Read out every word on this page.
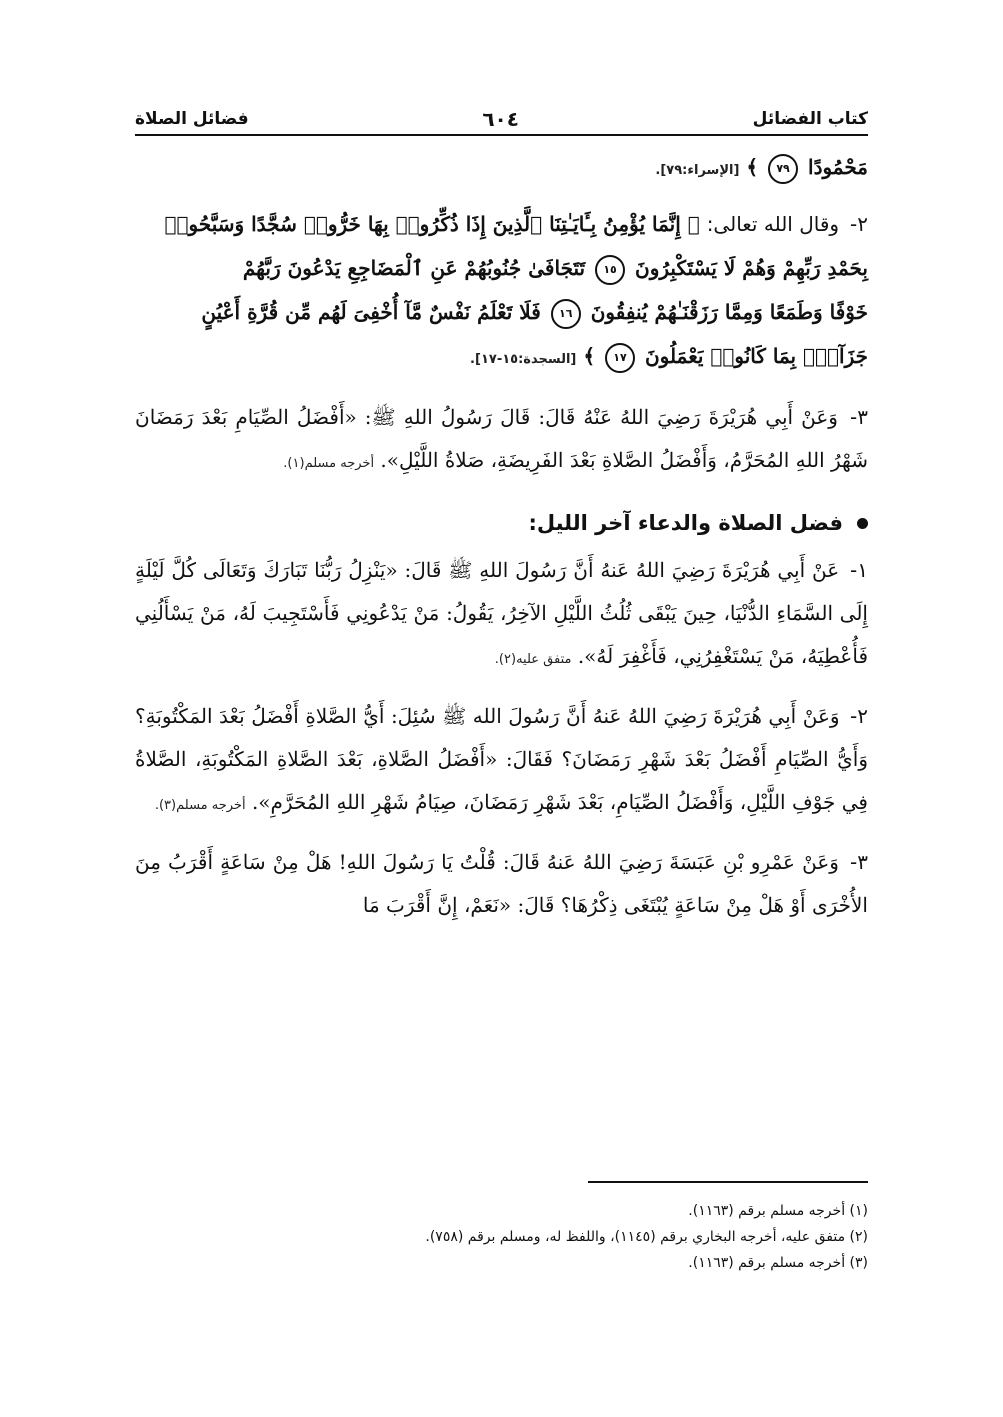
كتاب الفضائل
٦٠٤
فضائل الصلاة

مَحْمُودًا ٧٩ ﴾ [الإسراء:٧٩].

٢- وقال الله تعالى: ﴿ إِنَّمَا يُؤْمِنُ بِـَٔايَـٰتِنَا ٱلَّذِينَ إِذَا ذُكِّرُوا۟ بِهَا خَرُّوا۟ سُجَّدًا وَسَبَّحُوا۟

بِحَمْدِ رَبِّهِمْ وَهُمْ لَا يَسْتَكْبِرُونَ ١٥ تَتَجَافَىٰ جُنُوبُهُمْ عَنِ ٱلْمَضَاجِعِ يَدْعُونَ رَبَّهُمْ

خَوْفًا وَطَمَعًا وَمِمَّا رَزَقْنَـٰهُمْ يُنفِقُونَ ١٦ فَلَا تَعْلَمُ نَفْسٌ مَّآ أُخْفِىَ لَهُم مِّن قُرَّةِ أَعْيُنٍ

جَزَآءًۢ بِمَا كَانُوا۟ يَعْمَلُونَ ١٧ ﴾ [السجدة:١٥-١٧].

٣- وَعَنْ أَبِي هُرَيْرَةَ رَضِيَ اللهُ عَنْهُ قَالَ: قَالَ رَسُولُ اللهِ ﷺ: «أَفْضَلُ الصِّيَامِ بَعْدَ رَمَضَانَ شَهْرُ اللهِ المُحَرَّمُ، وَأَفْضَلُ الصَّلاةِ بَعْدَ الفَرِيضَةِ، صَلاةُ اللَّيْلِ». أخرجه مسلم(١).

فضل الصلاة والدعاء آخر الليل:

١- عَنْ أَبِي هُرَيْرَةَ رَضِيَ اللهُ عَنهُ أَنَّ رَسُولَ اللهِ ﷺ قَالَ: «يَنْزِلُ رَبُّنَا تَبَارَكَ وَتَعَالَى كُلَّ لَيْلَةٍ إِلَى السَّمَاءِ الدُّنْيَا، حِينَ يَبْقَى ثُلُثُ اللَّيْلِ الآخِرُ، يَقُولُ: مَنْ يَدْعُونِي فَأَسْتَجِيبَ لَهُ، مَنْ يَسْأَلُنِي فَأُعْطِيَهُ، مَنْ يَسْتَغْفِرُنِي، فَأَغْفِرَ لَهُ». متفق عليه(٢).

٢- وَعَنْ أَبِي هُرَيْرَةَ رَضِيَ اللهُ عَنهُ أَنَّ رَسُولَ الله ﷺ سُئِلَ: أَيُّ الصَّلاةِ أَفْضَلُ بَعْدَ المَكْتُوبَةِ؟ وَأَيُّ الصِّيَامِ أَفْضَلُ بَعْدَ شَهْرِ رَمَضَانَ؟ فَقَالَ: «أَفْضَلُ الصَّلاةِ، بَعْدَ الصَّلاةِ المَكْتُوبَةِ، الصَّلاةُ فِي جَوْفِ اللَّيْلِ، وَأَفْضَلُ الصِّيَامِ، بَعْدَ شَهْرِ رَمَضَانَ، صِيَامُ شَهْرِ اللهِ المُحَرَّمِ». أخرجه مسلم(٣).

٣- وَعَنْ عَمْرِو بْنِ عَبَسَةَ رَضِيَ اللهُ عَنهُ قَالَ: قُلْتُ يَا رَسُولَ اللهِ! هَلْ مِنْ سَاعَةٍ أَقْرَبُ مِنَ الأُخْرَى أَوْ هَلْ مِنْ سَاعَةٍ يُبْتَغَى ذِكْرُهَا؟ قَالَ: «نَعَمْ، إِنَّ أَقْرَبَ مَا

(١) أخرجه مسلم برقم (١١٦٣).

(٢) متفق عليه، أخرجه البخاري برقم (١١٤٥)، واللفظ له، ومسلم برقم (٧٥٨).

(٣) أخرجه مسلم برقم (١١٦٣).
